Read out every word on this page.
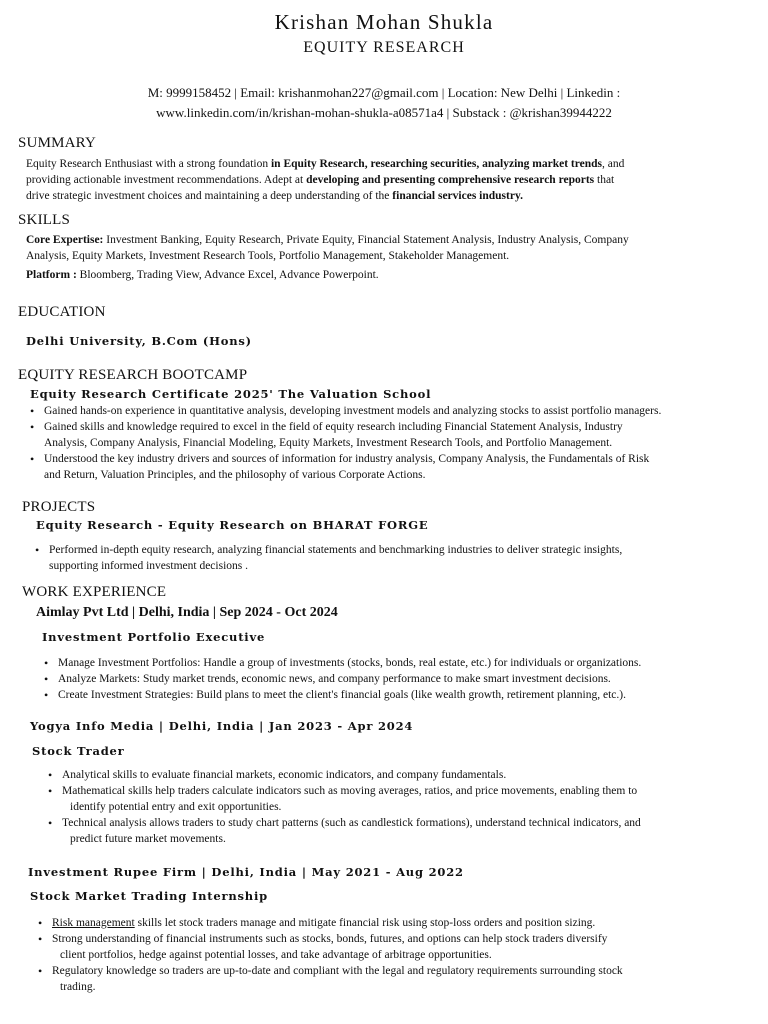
Krishan Mohan Shukla
EQUITY RESEARCH
M: 9999158452 | Email: krishanmohan227@gmail.com | Location: New Delhi | Linkedin :
www.linkedin.com/in/krishan-mohan-shukla-a08571a4 | Substack : @krishan39944222
SUMMARY
Equity Research Enthusiast with a strong foundation in Equity Research, researching securities, analyzing market trends, and
providing actionable investment recommendations. Adept at developing and presenting comprehensive research reports that
drive strategic investment choices and maintaining a deep understanding of the financial services industry.
SKILLS
Core Expertise: Investment Banking, Equity Research, Private Equity, Financial Statement Analysis, Industry Analysis, Company
Analysis, Equity Markets, Investment Research Tools, Portfolio Management, Stakeholder Management.
Platform : Bloomberg, Trading View, Advance Excel, Advance Powerpoint.
EDUCATION
Delhi University, B.Com (Hons)
EQUITY RESEARCH BOOTCAMP
Equity Research Certificate 2025' The Valuation School
• Gained hands-on experience in quantitative analysis, developing investment models and analyzing stocks to assist portfolio managers.
• Gained skills and knowledge required to excel in the field of equity research including Financial Statement Analysis, Industry
Analysis, Company Analysis, Financial Modeling, Equity Markets, Investment Research Tools, and Portfolio Management.
• Understood the key industry drivers and sources of information for industry analysis, Company Analysis, the Fundamentals of Risk
and Return, Valuation Principles, and the philosophy of various Corporate Actions.
PROJECTS
Equity Research - Equity Research on BHARAT FORGE
• Performed in-depth equity research, analyzing financial statements and benchmarking industries to deliver strategic insights,
supporting informed investment decisions .
WORK EXPERIENCE
Aimlay Pvt Ltd | Delhi, India | Sep 2024 - Oct 2024
Investment Portfolio Executive
• Manage Investment Portfolios: Handle a group of investments (stocks, bonds, real estate, etc.) for individuals or organizations.
• Analyze Markets: Study market trends, economic news, and company performance to make smart investment decisions.
• Create Investment Strategies: Build plans to meet the client's financial goals (like wealth growth, retirement planning, etc.).
Yogya Info Media | Delhi, India | Jan 2023 - Apr 2024
Stock Trader
• Analytical skills to evaluate financial markets, economic indicators, and company fundamentals.
• Mathematical skills help traders calculate indicators such as moving averages, ratios, and price movements, enabling them to
identify potential entry and exit opportunities.
• Technical analysis allows traders to study chart patterns (such as candlestick formations), understand technical indicators, and
predict future market movements.
Investment Rupee Firm | Delhi, India | May 2021 - Aug 2022
Stock Market Trading Internship
• Risk management skills let stock traders manage and mitigate financial risk using stop-loss orders and position sizing.
• Strong understanding of financial instruments such as stocks, bonds, futures, and options can help stock traders diversify
client portfolios, hedge against potential losses, and take advantage of arbitrage opportunities.
• Regulatory knowledge so traders are up-to-date and compliant with the legal and regulatory requirements surrounding stock
trading.
